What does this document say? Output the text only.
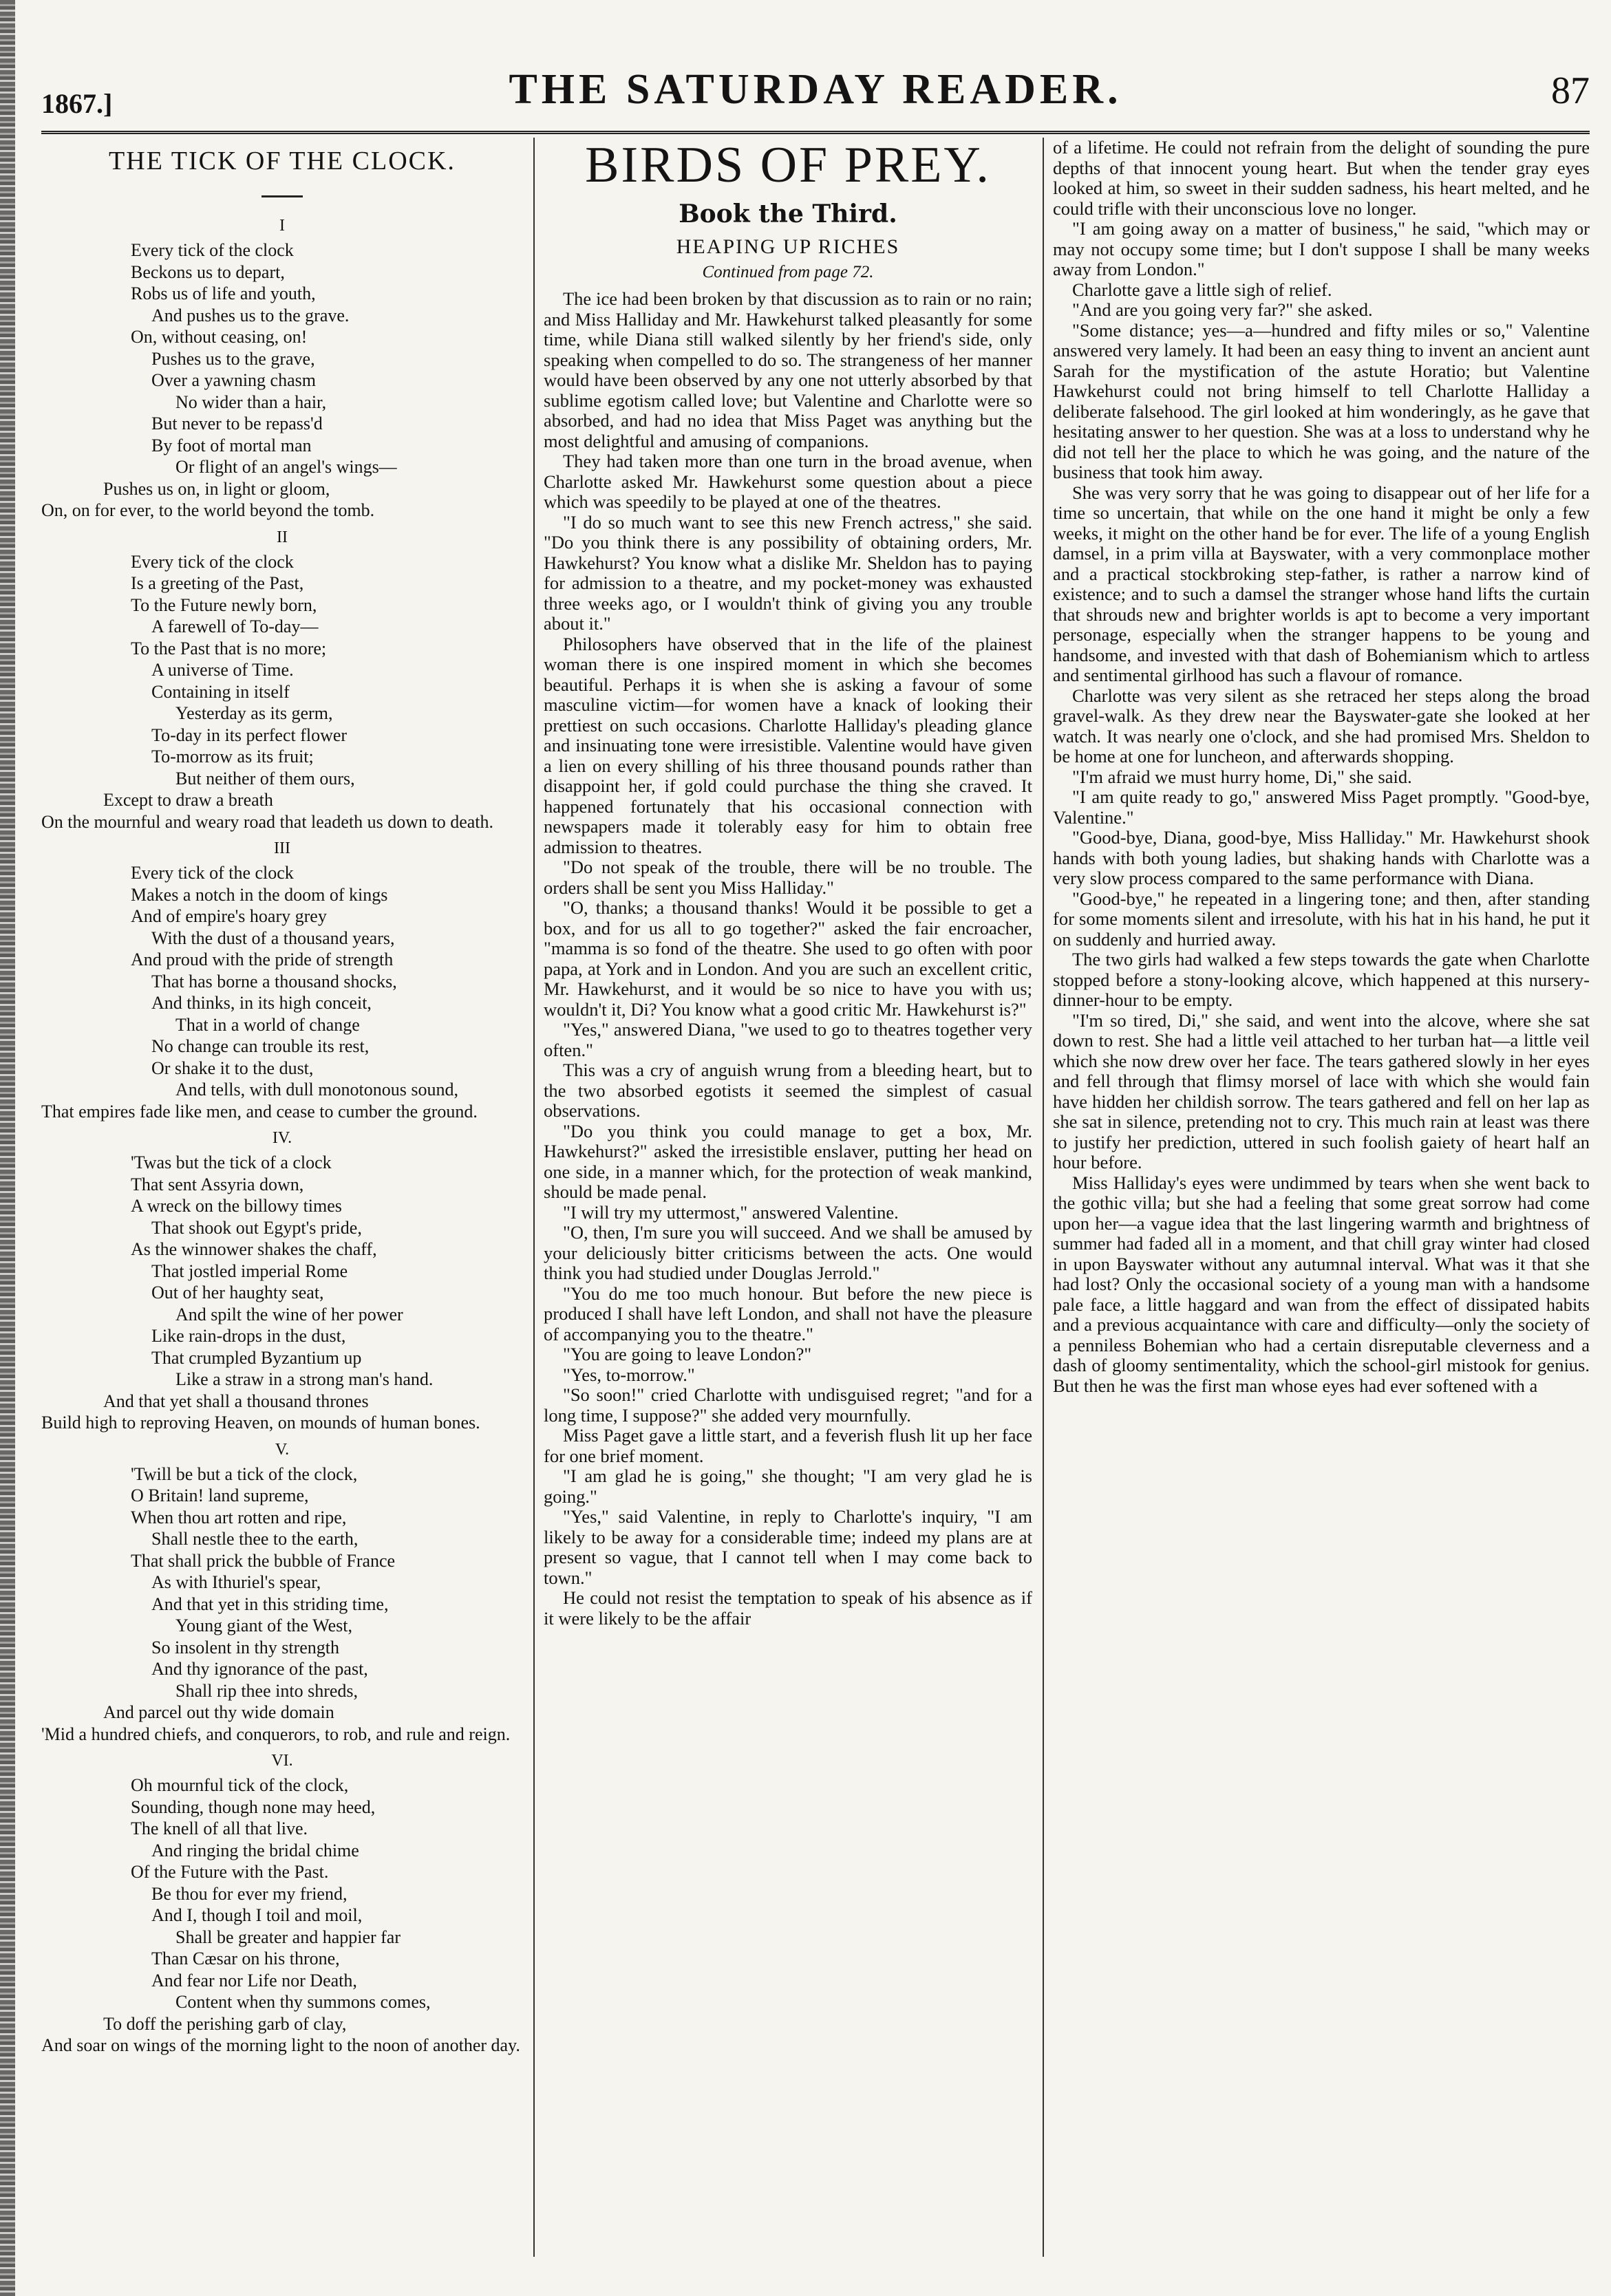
1867.]	THE SATURDAY READER.	87
THE TICK OF THE CLOCK.
I
Every tick of the clock
Beckons us to depart,
Robs us of life and youth,
And pushes us to the grave.
On, without ceasing, on!
Pushes us to the grave,
Over a yawning chasm
No wider than a hair,
But never to be repass'd
By foot of mortal man
Or flight of an angel's wings—
Pushes us on, in light or gloom,
On, on for ever, to the world beyond the tomb.
II
Every tick of the clock
Is a greeting of the Past,
To the Future newly born,
A farewell of To-day—
To the Past that is no more;
A universe of Time.
Containing in itself
Yesterday as its germ,
To-day in its perfect flower
To-morrow as its fruit;
But neither of them ours,
Except to draw a breath
On the mournful and weary road that leadeth us down to death.
III
Every tick of the clock
Makes a notch in the doom of kings
And of empire's hoary grey
With the dust of a thousand years,
And proud with the pride of strength
That has borne a thousand shocks,
And thinks, in its high conceit,
That in a world of change
No change can trouble its rest,
Or shake it to the dust,
And tells, with dull monotonous sound,
That empires fade like men, and cease to cumber the ground.
IV.
'Twas but the tick of a clock
That sent Assyria down,
A wreck on the billowy times
That shook out Egypt's pride,
As the winnower shakes the chaff,
That jostled imperial Rome
Out of her haughty seat,
And spilt the wine of her power
Like rain-drops in the dust,
That crumpled Byzantium up
Like a straw in a strong man's hand.
And that yet shall a thousand thrones
Build high to reproving Heaven, on mounds of human bones.
V.
'Twill be but a tick of the clock,
O Britain! land supreme,
When thou art rotten and ripe,
Shall nestle thee to the earth,
That shall prick the bubble of France
As with Ithuriel's spear,
And that yet in this striding time,
Young giant of the West,
So insolent in thy strength
And thy ignorance of the past,
Shall rip thee into shreds,
And parcel out thy wide domain
'Mid a hundred chiefs, and conquerors, to rob, and rule and reign.
VI.
Oh mournful tick of the clock,
Sounding, though none may heed,
The knell of all that live.
And ringing the bridal chime
Of the Future with the Past.
Be thou for ever my friend,
And I, though I toil and moil,
Shall be greater and happier far
Than Cæsar on his throne,
And fear nor Life nor Death,
Content when thy summons comes,
To doff the perishing garb of clay,
And soar on wings of the morning light to the noon of another day.
BIRDS OF PREY.
Book the Third.
HEAPING UP RICHES
Continued from page 72.

The ice had been broken by that discussion as to rain or no rain; and Miss Halliday and Mr. Hawkehurst talked pleasantly for some time, while Diana still walked silently by her friend's side, only speaking when compelled to do so. The strangeness of her manner would have been observed by any one not utterly absorbed by that sublime egotism called love; but Valentine and Charlotte were so absorbed, and had no idea that Miss Paget was anything but the most delightful and amusing of companions.

They had taken more than one turn in the broad avenue, when Charlotte asked Mr. Hawkehurst some question about a piece which was speedily to be played at one of the theatres.

"I do so much want to see this new French actress," she said. "Do you think there is any possibility of obtaining orders, Mr. Hawkehurst? You know what a dislike Mr. Sheldon has to paying for admission to a theatre, and my pocket-money was exhausted three weeks ago, or I wouldn't think of giving you any trouble about it."

Philosophers have observed that in the life of the plainest woman there is one inspired moment in which she becomes beautiful. Perhaps it is when she is asking a favour of some masculine victim—for women have a knack of looking their prettiest on such occasions. Charlotte Halliday's pleading glance and insinuating tone were irresistible. Valentine would have given a lien on every shilling of his three thousand pounds rather than disappoint her, if gold could purchase the thing she craved. It happened fortunately that his occasional connection with newspapers made it tolerably easy for him to obtain free admission to theatres.

"Do not speak of the trouble, there will be no trouble. The orders shall be sent you Miss Halliday."

"O, thanks; a thousand thanks! Would it be possible to get a box, and for us all to go together?" asked the fair encroacher, "mamma is so fond of the theatre. She used to go often with poor papa, at York and in London. And you are such an excellent critic, Mr. Hawkehurst, and it would be so nice to have you with us; wouldn't it, Di? You know what a good critic Mr. Hawkehurst is?"

"Yes," answered Diana, "we used to go to theatres together very often."

This was a cry of anguish wrung from a bleeding heart, but to the two absorbed egotists it seemed the simplest of casual observations.

"Do you think you could manage to get a box, Mr. Hawkehurst?" asked the irresistible enslaver, putting her head on one side, in a manner which, for the protection of weak mankind, should be made penal.

"I will try my uttermost," answered Valentine.

"O, then, I'm sure you will succeed. And we shall be amused by your deliciously bitter criticisms between the acts. One would think you had studied under Douglas Jerrold."

"You do me too much honour. But before the new piece is produced I shall have left London, and shall not have the pleasure of accompanying you to the theatre."

"You are going to leave London?"

"Yes, to-morrow."

"So soon!" cried Charlotte with undisguised regret; "and for a long time, I suppose?" she added very mournfully.

Miss Paget gave a little start, and a feverish flush lit up her face for one brief moment.

"I am glad he is going," she thought; "I am very glad he is going."

"Yes," said Valentine, in reply to Charlotte's inquiry, "I am likely to be away for a considerable time; indeed my plans are at present so vague, that I cannot tell when I may come back to town."

He could not resist the temptation to speak of his absence as if it were likely to be the affair

of a lifetime. He could not refrain from the delight of sounding the pure depths of that innocent young heart. But when the tender gray eyes looked at him, so sweet in their sudden sadness, his heart melted, and he could trifle with their unconscious love no longer.

"I am going away on a matter of business," he said, "which may or may not occupy some time; but I don't suppose I shall be many weeks away from London."

Charlotte gave a little sigh of relief.

"And are you going very far?" she asked.

"Some distance; yes—a—hundred and fifty miles or so," Valentine answered very lamely. It had been an easy thing to invent an ancient aunt Sarah for the mystification of the astute Horatio; but Valentine Hawkehurst could not bring himself to tell Charlotte Halliday a deliberate falsehood. The girl looked at him wonderingly, as he gave that hesitating answer to her question. She was at a loss to understand why he did not tell her the place to which he was going, and the nature of the business that took him away.

She was very sorry that he was going to disappear out of her life for a time so uncertain, that while on the one hand it might be only a few weeks, it might on the other hand be for ever. The life of a young English damsel, in a prim villa at Bayswater, with a very commonplace mother and a practical stockbroking step-father, is rather a narrow kind of existence; and to such a damsel the stranger whose hand lifts the curtain that shrouds new and brighter worlds is apt to become a very important personage, especially when the stranger happens to be young and handsome, and invested with that dash of Bohemianism which to artless and sentimental girlhood has such a flavour of romance.

Charlotte was very silent as she retraced her steps along the broad gravel-walk. As they drew near the Bayswater-gate she looked at her watch. It was nearly one o'clock, and she had promised Mrs. Sheldon to be home at one for luncheon, and afterwards shopping.

"I'm afraid we must hurry home, Di," she said.

"I am quite ready to go," answered Miss Paget promptly. "Good-bye, Valentine."

"Good-bye, Diana, good-bye, Miss Halliday." Mr. Hawkehurst shook hands with both young ladies, but shaking hands with Charlotte was a very slow process compared to the same performance with Diana.

"Good-bye," he repeated in a lingering tone; and then, after standing for some moments silent and irresolute, with his hat in his hand, he put it on suddenly and hurried away.

The two girls had walked a few steps towards the gate when Charlotte stopped before a stony-looking alcove, which happened at this nursery-dinner-hour to be empty.

"I'm so tired, Di," she said, and went into the alcove, where she sat down to rest. She had a little veil attached to her turban hat—a little veil which she now drew over her face. The tears gathered slowly in her eyes and fell through that flimsy morsel of lace with which she would fain have hidden her childish sorrow. The tears gathered and fell on her lap as she sat in silence, pretending not to cry. This much rain at least was there to justify her prediction, uttered in such foolish gaiety of heart half an hour before.

Miss Halliday's eyes were undimmed by tears when she went back to the gothic villa; but she had a feeling that some great sorrow had come upon her—a vague idea that the last lingering warmth and brightness of summer had faded all in a moment, and that chill gray winter had closed in upon Bayswater without any autumnal interval. What was it that she had lost? Only the occasional society of a young man with a handsome pale face, a little haggard and wan from the effect of dissipated habits and a previous acquaintance with care and difficulty—only the society of a penniless Bohemian who had a certain disreputable cleverness and a dash of gloomy sentimentality, which the school-girl mistook for genius. But then he was the first man whose eyes had ever softened with a
